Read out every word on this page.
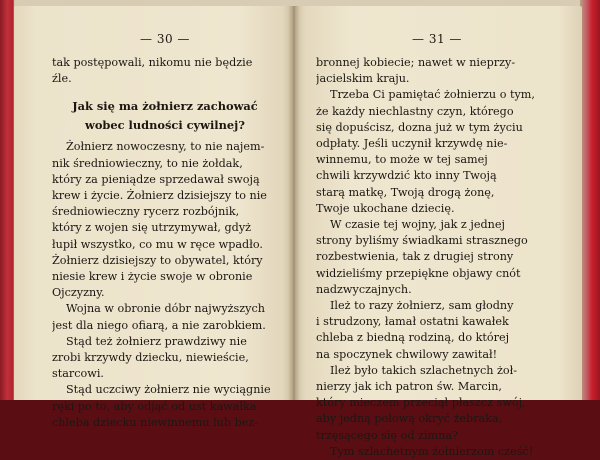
— 30 —
tak postępowali, nikomu nie będzie
źle.
Jak się ma żołnierz zachować
wobec ludności cywilnej?
Żołnierz nowoczesny, to nie najem-
nik średniowieczny, to nie żołdak,
który za pieniądze sprzedawał swoją
krew i życie. Żołnierz dzisiejszy to nie
średniowieczny rycerz rozbójnik,
który z wojen się utrzymywał, gdyż
łupił wszystko, co mu w ręce wpadło.
Żołnierz dzisiejszy to obywatel, który
niesie krew i życie swoje w obronie
Ojczyzny.
Wojna w obronie dóbr najwyższych
jest dla niego ofiarą, a nie zarobkiem.
Stąd też żołnierz prawdziwy nie
zrobi krzywdy dziecku, niewieście,
starcowi.
Stąd uczciwy żołnierz nie wyciągnie
ręki po to, aby odjąć od ust kawałka
chleba dziecku niewinnemu lub bez-
— 31 —
bronnej kobiecie; nawet w nieprzy-
jacielskim kraju.
Trzeba Ci pamiętać żołnierzu o tym,
że każdy niechlastny czyn, którego
się dopuścisz, dozna już w tym życiu
odpłaty. Jeśli uczynił krzywdę nie-
winnemu, to może w tej samej
chwili krzywdzić kto inny Twoją
starą matkę, Twoją drogą żonę,
Twoje ukochane dziecię.
W czasie tej wojny, jak z jednej
strony byliśmy świadkami strasznego
rozbestwienia, tak z drugiej strony
widzieliśmy przepiękne objawy cnót
nadzwyczajnych.
Ileż to razy żołnierz, sam głodny
i strudzony, łamał ostatni kawałek
chleba z biedną rodziną, do której
na spoczynek chwilowy zawitał!
Ileż było takich szlachetnych żoł-
nierzy jak ich patron św. Marcin,
który mieczem przeciął płaszcz swój,
aby jedną połową okryć żebraka,
trzęsącego się od zimna?
Tym szlachetnym żołnierzom cześć!
